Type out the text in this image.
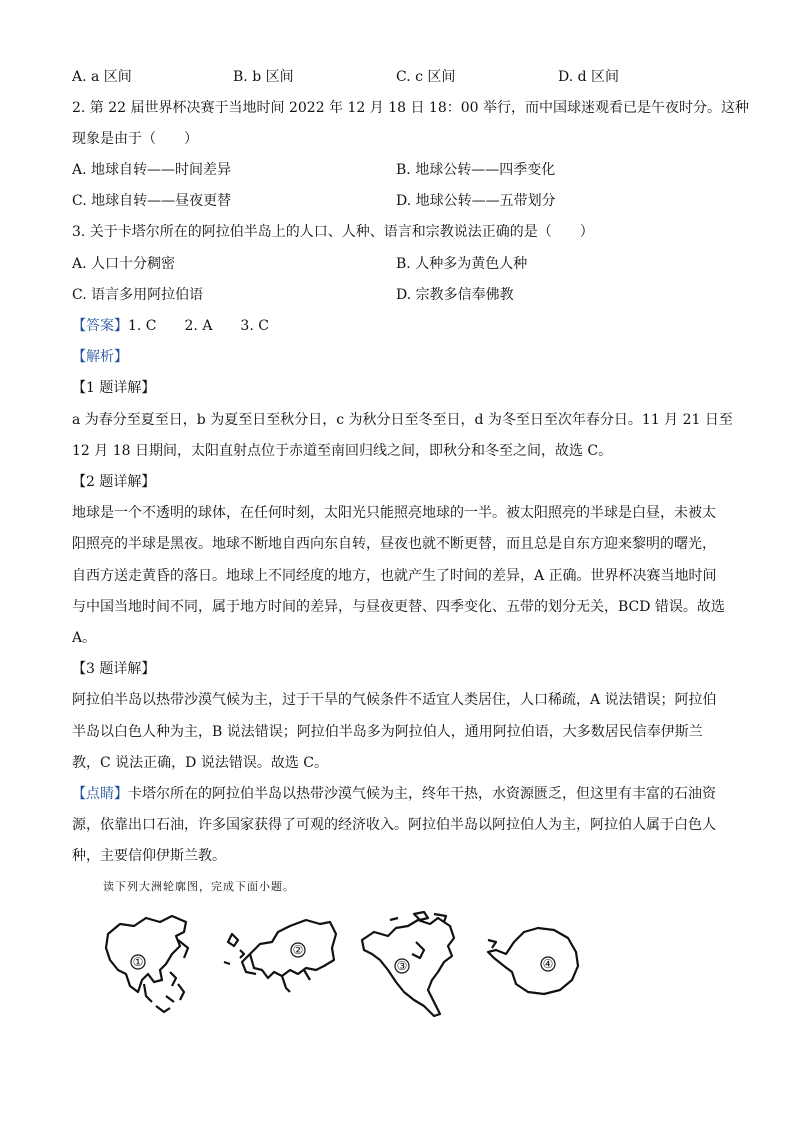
A. a 区间	B. b 区间	C. c 区间	D. d 区间
2. 第 22 届世界杯决赛于当地时间 2022 年 12 月 18 日 18：00 举行，而中国球迷观看已是午夜时分。这种
现象是由于（　　）
A. 地球自转——时间差异	B. 地球公转——四季变化
C. 地球自转——昼夜更替	D. 地球公转——五带划分
3. 关于卡塔尔所在的阿拉伯半岛上的人口、人种、语言和宗教说法正确的是（　　）
A. 人口十分稠密	B. 人种多为黄色人种
C. 语言多用阿拉伯语	D. 宗教多信奉佛教
【答案】1. C　　2. A　　3. C
【解析】
【1 题详解】
a 为春分至夏至日，b 为夏至日至秋分日，c 为秋分日至冬至日，d 为冬至日至次年春分日。11 月 21 日至
12 月 18 日期间，太阳直射点位于赤道至南回归线之间，即秋分和冬至之间，故选 C。
【2 题详解】
地球是一个不透明的球体，在任何时刻，太阳光只能照亮地球的一半。被太阳照亮的半球是白昼，未被太
阳照亮的半球是黑夜。地球不断地自西向东自转，昼夜也就不断更替，而且总是自东方迎来黎明的曙光，
自西方送走黄昏的落日。地球上不同经度的地方，也就产生了时间的差异，A 正确。世界杯决赛当地时间
与中国当地时间不同，属于地方时间的差异，与昼夜更替、四季变化、五带的划分无关，BCD 错误。故选
A。
【3 题详解】
阿拉伯半岛以热带沙漠气候为主，过于干旱的气候条件不适宜人类居住，人口稀疏，A 说法错误；阿拉伯
半岛以白色人种为主，B 说法错误；阿拉伯半岛多为阿拉伯人，通用阿拉伯语，大多数居民信奉伊斯兰
教，C 说法正确，D 说法错误。故选 C。
【点睛】卡塔尔所在的阿拉伯半岛以热带沙漠气候为主，终年干热，水资源匮乏，但这里有丰富的石油资
源，依靠出口石油，许多国家获得了可观的经济收入。阿拉伯半岛以阿拉伯人为主，阿拉伯人属于白色人
种，主要信仰伊斯兰教。
读下列大洲轮廓图，完成下面小题。
①
②
③	④
